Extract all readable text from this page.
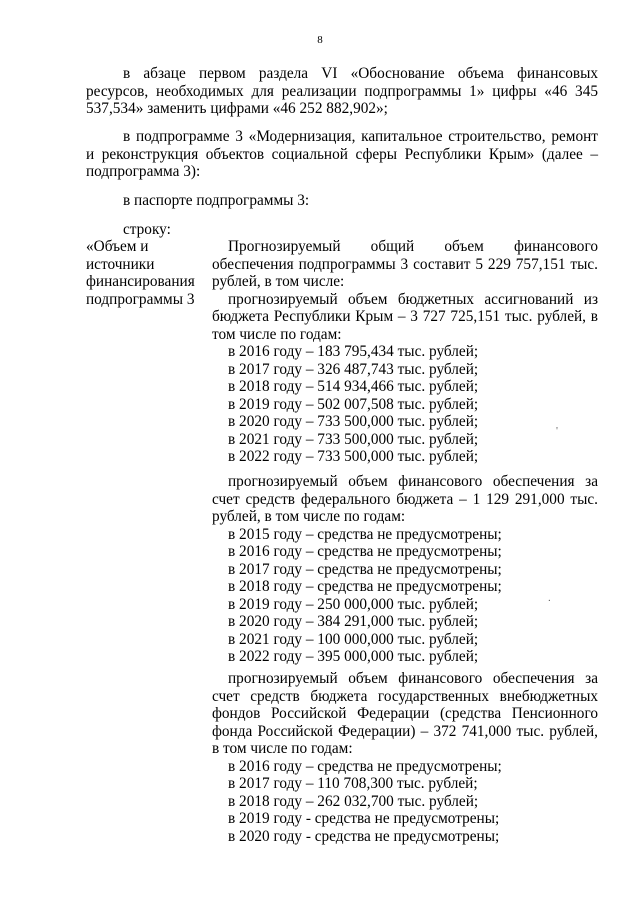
8

в абзаце первом раздела VI «Обоснование объема финансовых ресурсов, необходимых для реализации подпрограммы 1» цифры «46 345 537,534» заменить цифрами «46 252 882,902»;

в подпрограмме 3 «Модернизация, капитальное строительство, ремонт и реконструкция объектов социальной сферы Республики Крым» (далее – подпрограмма 3):

в паспорте подпрограммы 3:

строку:

«Объем и
источники
финансирования
подпрограммы 3

Прогнозируемый общий объем финансового обеспечения подпрограммы 3 составит 5 229 757,151 тыс. рублей, в том числе:

прогнозируемый объем бюджетных ассигнований из бюджета Республики Крым – 3 727 725,151 тыс. рублей, в том числе по годам:

в 2016 году – 183 795,434 тыс. рублей;
в 2017 году – 326 487,743 тыс. рублей;
в 2018 году – 514 934,466 тыс. рублей;
в 2019 году – 502 007,508 тыс. рублей;
в 2020 году – 733 500,000 тыс. рублей;
в 2021 году – 733 500,000 тыс. рублей;
в 2022 году – 733 500,000 тыс. рублей;

прогнозируемый объем финансового обеспечения за счет средств федерального бюджета – 1 129 291,000 тыс. рублей, в том числе по годам:

в 2015 году – средства не предусмотрены;
в 2016 году – средства не предусмотрены;
в 2017 году – средства не предусмотрены;
в 2018 году – средства не предусмотрены;
в 2019 году – 250 000,000 тыс. рублей;
в 2020 году – 384 291,000 тыс. рублей;
в 2021 году – 100 000,000 тыс. рублей;
в 2022 году – 395 000,000 тыс. рублей;

прогнозируемый объем финансового обеспечения за счет средств бюджета государственных внебюджетных фондов Российской Федерации (средства Пенсионного фонда Российской Федерации) – 372 741,000 тыс. рублей, в том числе по годам:

в 2016 году – средства не предусмотрены;
в 2017 году – 110 708,300 тыс. рублей;
в 2018 году – 262 032,700 тыс. рублей;
в 2019 году - средства не предусмотрены;
в 2020 году - средства не предусмотрены;
'
.
